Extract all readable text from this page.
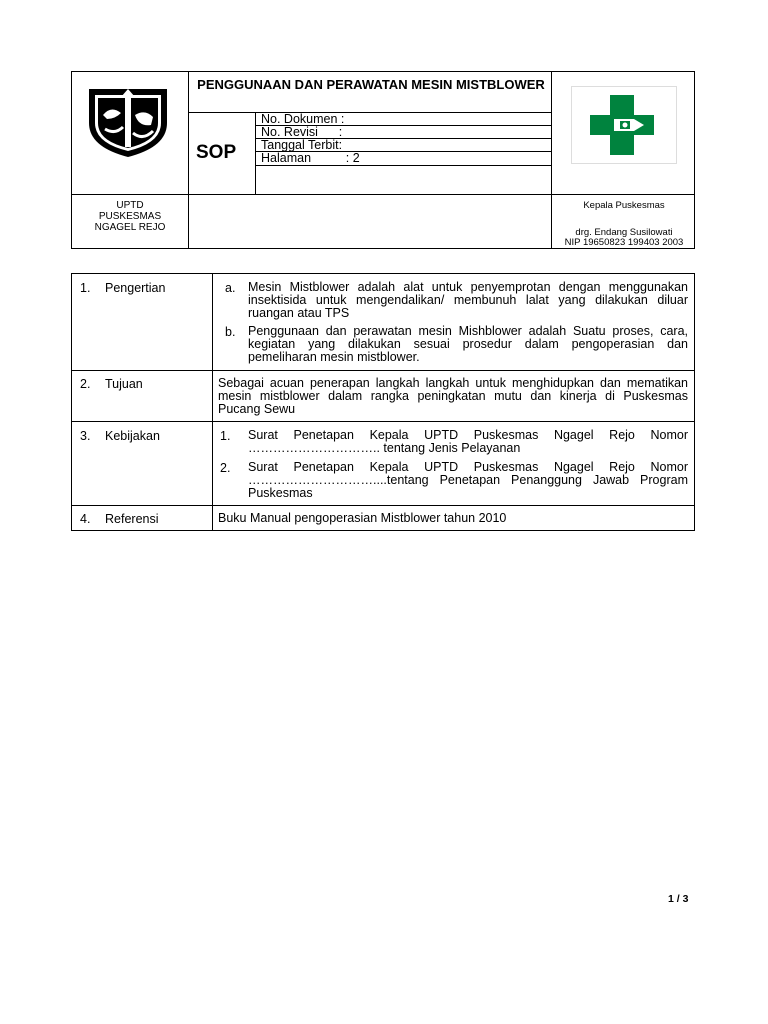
PENGGUNAAN DAN PERAWATAN MESIN MISTBLOWER
SOP
No. Dokumen :
No. Revisi      :
Tanggal Terbit:
Halaman          : 2
UPTD
PUSKESMAS
NGAGEL REJO
Kepala Puskesmas
drg. Endang Susilowati
NIP 19650823 199403 2003
1. Pengertian	a. Mesin Mistblower adalah alat untuk penyemprotan dengan menggunakan insektisida untuk mengendalikan/ membunuh lalat yang dilakukan diluar ruangan atau TPS
b. Penggunaan dan perawatan mesin Mishblower adalah Suatu proses, cara, kegiatan yang dilakukan sesuai prosedur dalam pengoperasian dan pemeliharan mesin mistblower.
2. Tujuan	Sebagai acuan penerapan langkah langkah untuk menghidupkan dan mematikan mesin mistblower dalam rangka peningkatan mutu dan kinerja di Puskesmas Pucang Sewu
3. Kebijakan	1. Surat Penetapan Kepala UPTD Puskesmas Ngagel Rejo Nomor ………………………….. tentang Jenis Pelayanan
2. Surat Penetapan Kepala UPTD Puskesmas Ngagel Rejo Nomor …………………………....tentang Penetapan Penanggung Jawab Program Puskesmas
4. Referensi	Buku Manual pengoperasian Mistblower tahun 2010
1 / 3
